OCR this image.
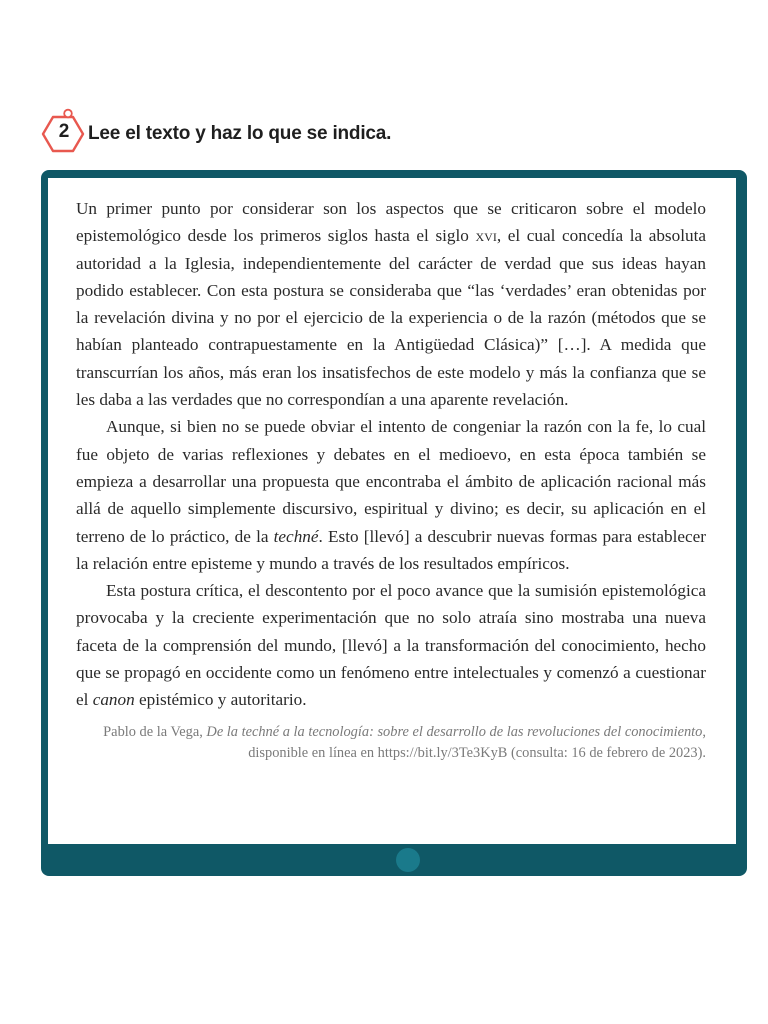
2 Lee el texto y haz lo que se indica.

Un primer punto por considerar son los aspectos que se criticaron sobre el modelo epistemológico desde los primeros siglos hasta el siglo xvi, el cual concedía la absoluta autoridad a la Iglesia, independientemente del carácter de verdad que sus ideas hayan podido establecer. Con esta postura se consideraba que “las ‘verdades’ eran obtenidas por la revelación divina y no por el ejercicio de la experiencia o de la razón (métodos que se habían planteado contrapuestamente en la Antigüedad Clásica)” […]. A medida que transcurrían los años, más eran los insatisfechos de este modelo y más la confianza que se les daba a las verdades que no correspondían a una aparente revelación.

Aunque, si bien no se puede obviar el intento de congeniar la razón con la fe, lo cual fue objeto de varias reflexiones y debates en el medioevo, en esta época también se empieza a desarrollar una propuesta que encontraba el ámbito de aplicación racional más allá de aquello simplemente discursivo, espiritual y divino; es decir, su aplicación en el terreno de lo práctico, de la techné. Esto [llevó] a descubrir nuevas formas para establecer la relación entre episteme y mundo a través de los resultados empíricos.

Esta postura crítica, el descontento por el poco avance que la sumisión epistemológica provocaba y la creciente experimentación que no solo atraía sino mostraba una nueva faceta de la comprensión del mundo, [llevó] a la transformación del conocimiento, hecho que se propagó en occidente como un fenómeno entre intelectuales y comenzó a cuestionar el canon epistémico y autoritario.

Pablo de la Vega, De la techné a la tecnología: sobre el desarrollo de las revoluciones del conocimiento, disponible en línea en https://bit.ly/3Te3KyB (consulta: 16 de febrero de 2023).
